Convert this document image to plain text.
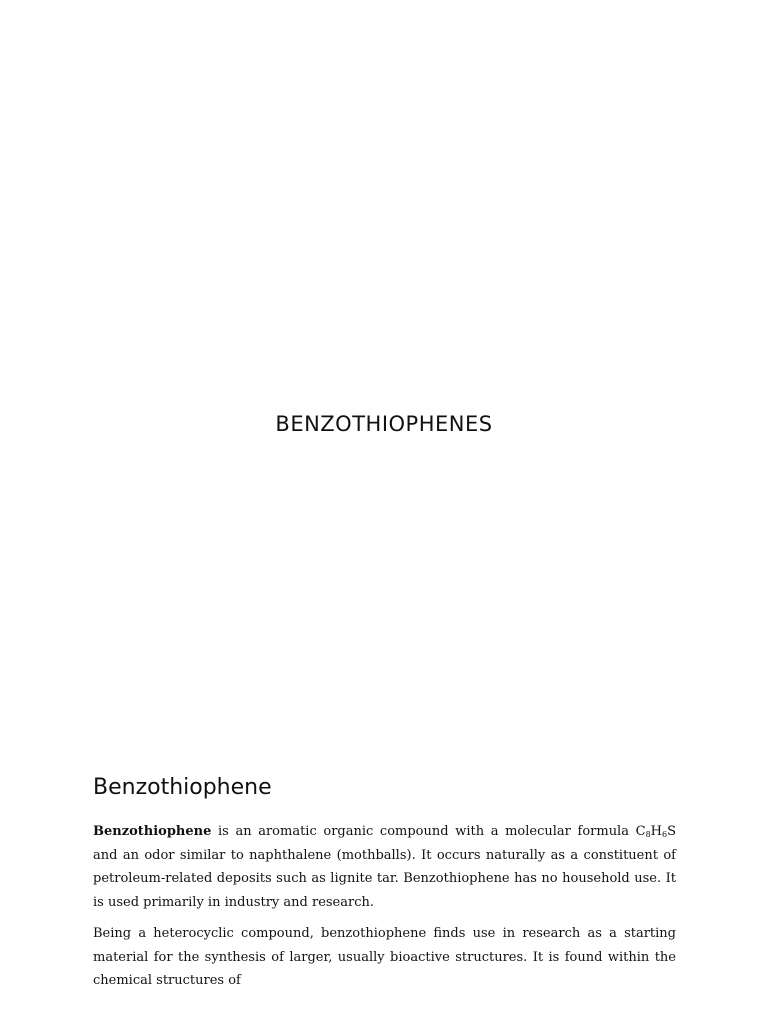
BENZOTHIOPHENES
Benzothiophene

Benzothiophene is an aromatic organic compound with a molecular formula $C_8H_6S$ and an odor similar to naphthalene (mothballs). It occurs naturally as a constituent of petroleum-related deposits such as lignite tar. Benzothiophene has no household use. It is used primarily in industry and research.

Being a heterocyclic compound, benzothiophene finds use in research as a starting material for the synthesis of larger, usually bioactive structures. It is found within the chemical structures of
